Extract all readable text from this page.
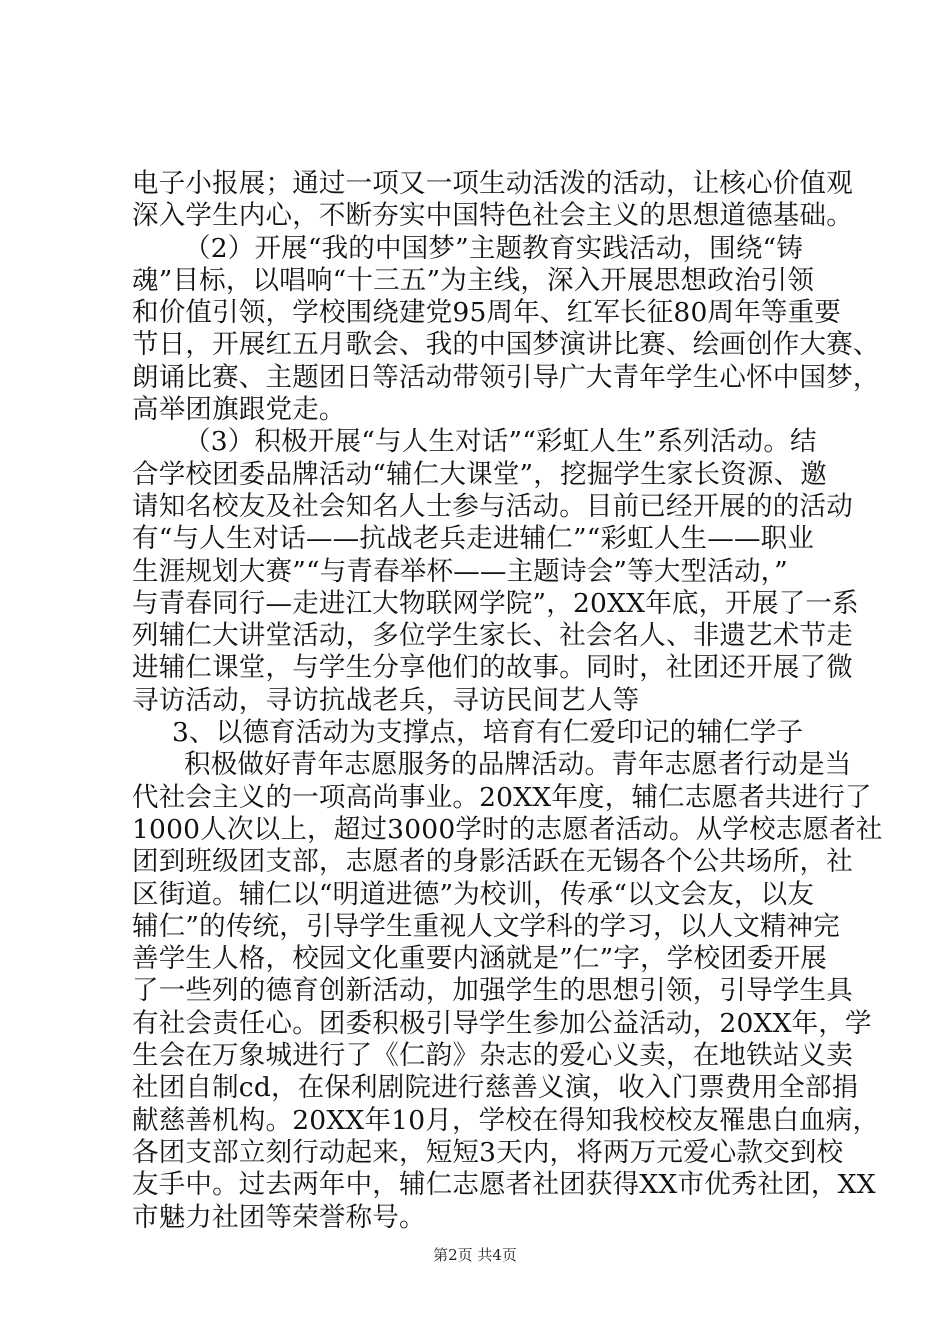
电子小报展；通过一项又一项生动活泼的活动，让核心价值观
深入学生内心，不断夯实中国特色社会主义的思想道德基础。
（2）开展“我的中国梦”主题教育实践活动，围绕“铸
魂”目标，以唱响“十三五”为主线，深入开展思想政治引领
和价值引领，学校围绕建党95周年、红军长征80周年等重要
节日，开展红五月歌会、我的中国梦演讲比赛、绘画创作大赛、
朗诵比赛、主题团日等活动带领引导广大青年学生心怀中国梦，
高举团旗跟党走。
（3）积极开展“与人生对话”“彩虹人生”系列活动。结
合学校团委品牌活动“辅仁大课堂”，挖掘学生家长资源、邀
请知名校友及社会知名人士参与活动。目前已经开展的的活动
有“与人生对话——抗战老兵走进辅仁”“彩虹人生——职业
生涯规划大赛”“与青春举杯——主题诗会”等大型活动，”
与青春同行—走进江大物联网学院”，20XX年底，开展了一系
列辅仁大讲堂活动，多位学生家长、社会名人、非遗艺术节走
进辅仁课堂，与学生分享他们的故事。同时，社团还开展了微
寻访活动，寻访抗战老兵，寻访民间艺人等
3、以德育活动为支撑点，培育有仁爱印记的辅仁学子
积极做好青年志愿服务的品牌活动。青年志愿者行动是当
代社会主义的一项高尚事业。20XX年度，辅仁志愿者共进行了
1000人次以上，超过3000学时的志愿者活动。从学校志愿者社
团到班级团支部，志愿者的身影活跃在无锡各个公共场所，社
区街道。辅仁以“明道进德”为校训，传承“以文会友，以友
辅仁”的传统，引导学生重视人文学科的学习，以人文精神完
善学生人格，校园文化重要内涵就是”仁”字，学校团委开展
了一些列的德育创新活动，加强学生的思想引领，引导学生具
有社会责任心。团委积极引导学生参加公益活动，20XX年，学
生会在万象城进行了《仁韵》杂志的爱心义卖，在地铁站义卖
社团自制cd，在保利剧院进行慈善义演，收入门票费用全部捐
献慈善机构。20XX年10月，学校在得知我校校友罹患白血病，
各团支部立刻行动起来，短短3天内，将两万元爱心款交到校
友手中。过去两年中，辅仁志愿者社团获得XX市优秀社团，XX
市魅力社团等荣誉称号。
第2页 共4页
